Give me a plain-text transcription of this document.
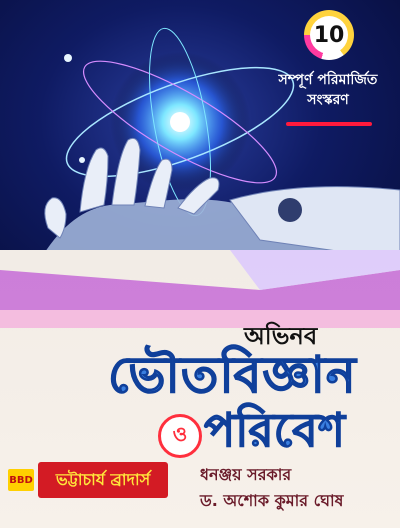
10
সম্পূর্ণ পরিমার্জিত
সংস্করণ
অভিনব
ভৌতবিজ্ঞান
ও পরিবেশ
BBD	ভট্টাচার্য ব্রাদার্স	ধনঞ্জয় সরকার
ড. অশোক কুমার ঘোষ
